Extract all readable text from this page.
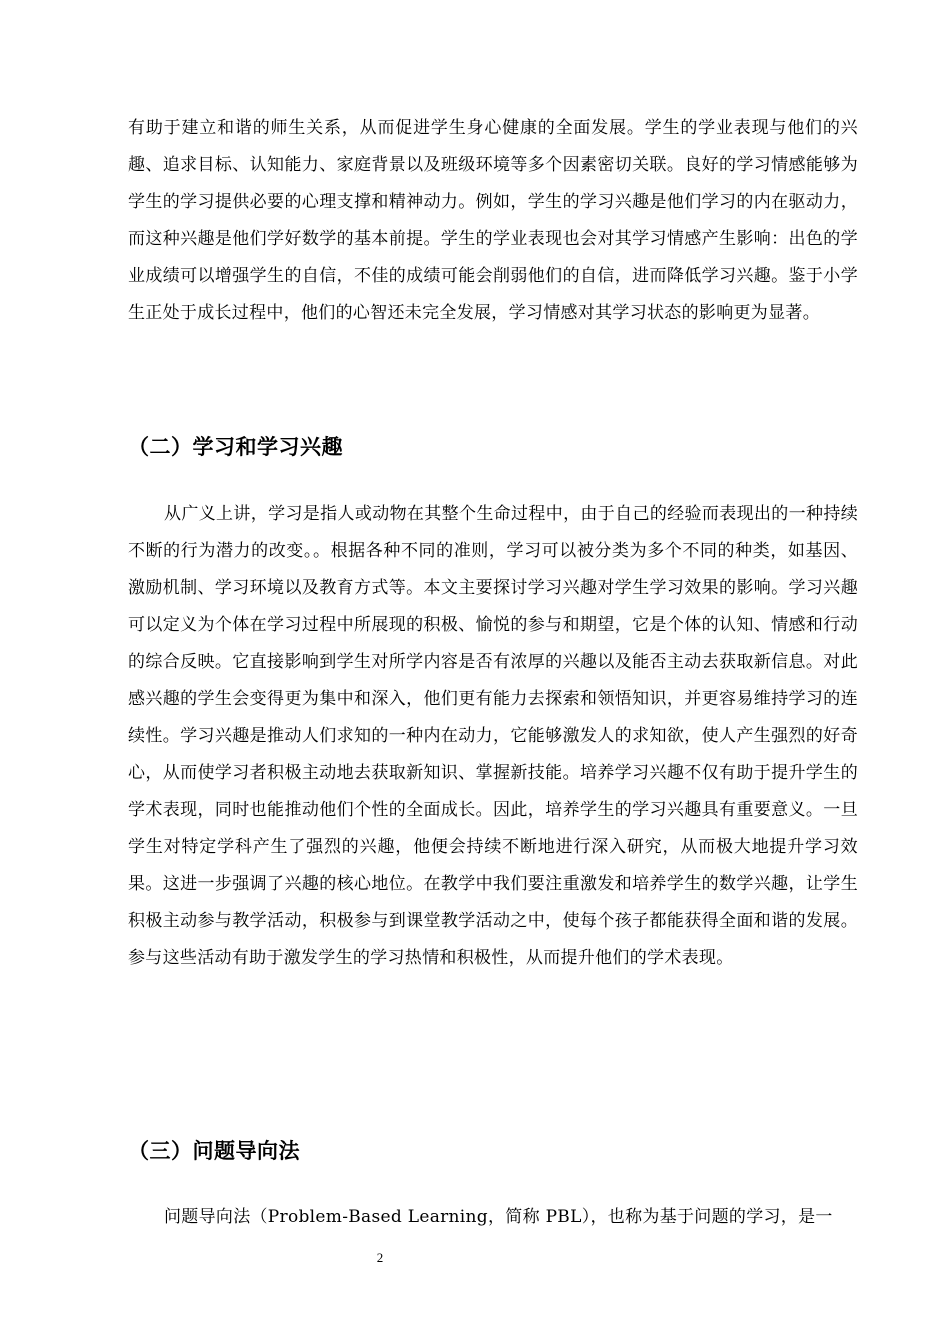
有助于建立和谐的师生关系，从而促进学生身心健康的全面发展。学生的学业表现与他们的兴趣、追求目标、认知能力、家庭背景以及班级环境等多个因素密切关联。良好的学习情感能够为学生的学习提供必要的心理支撑和精神动力。例如，学生的学习兴趣是他们学习的内在驱动力，而这种兴趣是他们学好数学的基本前提。学生的学业表现也会对其学习情感产生影响：出色的学业成绩可以增强学生的自信，不佳的成绩可能会削弱他们的自信，进而降低学习兴趣。鉴于小学生正处于成长过程中，他们的心智还未完全发展，学习情感对其学习状态的影响更为显著。

（二）学习和学习兴趣

从广义上讲，学习是指人或动物在其整个生命过程中，由于自己的经验而表现出的一种持续不断的行为潜力的改变。。根据各种不同的准则，学习可以被分类为多个不同的种类，如基因、激励机制、学习环境以及教育方式等。本文主要探讨学习兴趣对学生学习效果的影响。学习兴趣可以定义为个体在学习过程中所展现的积极、愉悦的参与和期望，它是个体的认知、情感和行动的综合反映。它直接影响到学生对所学内容是否有浓厚的兴趣以及能否主动去获取新信息。对此感兴趣的学生会变得更为集中和深入，他们更有能力去探索和领悟知识，并更容易维持学习的连续性。学习兴趣是推动人们求知的一种内在动力，它能够激发人的求知欲，使人产生强烈的好奇心，从而使学习者积极主动地去获取新知识、掌握新技能。培养学习兴趣不仅有助于提升学生的学术表现，同时也能推动他们个性的全面成长。因此，培养学生的学习兴趣具有重要意义。一旦学生对特定学科产生了强烈的兴趣，他便会持续不断地进行深入研究，从而极大地提升学习效果。这进一步强调了兴趣的核心地位。在教学中我们要注重激发和培养学生的数学兴趣，让学生积极主动参与教学活动，积极参与到课堂教学活动之中，使每个孩子都能获得全面和谐的发展。参与这些活动有助于激发学生的学习热情和积极性，从而提升他们的学术表现。

（三）问题导向法

问题导向法（Problem-Based Learning，简称 PBL），也称为基于问题的学习，是一

2
